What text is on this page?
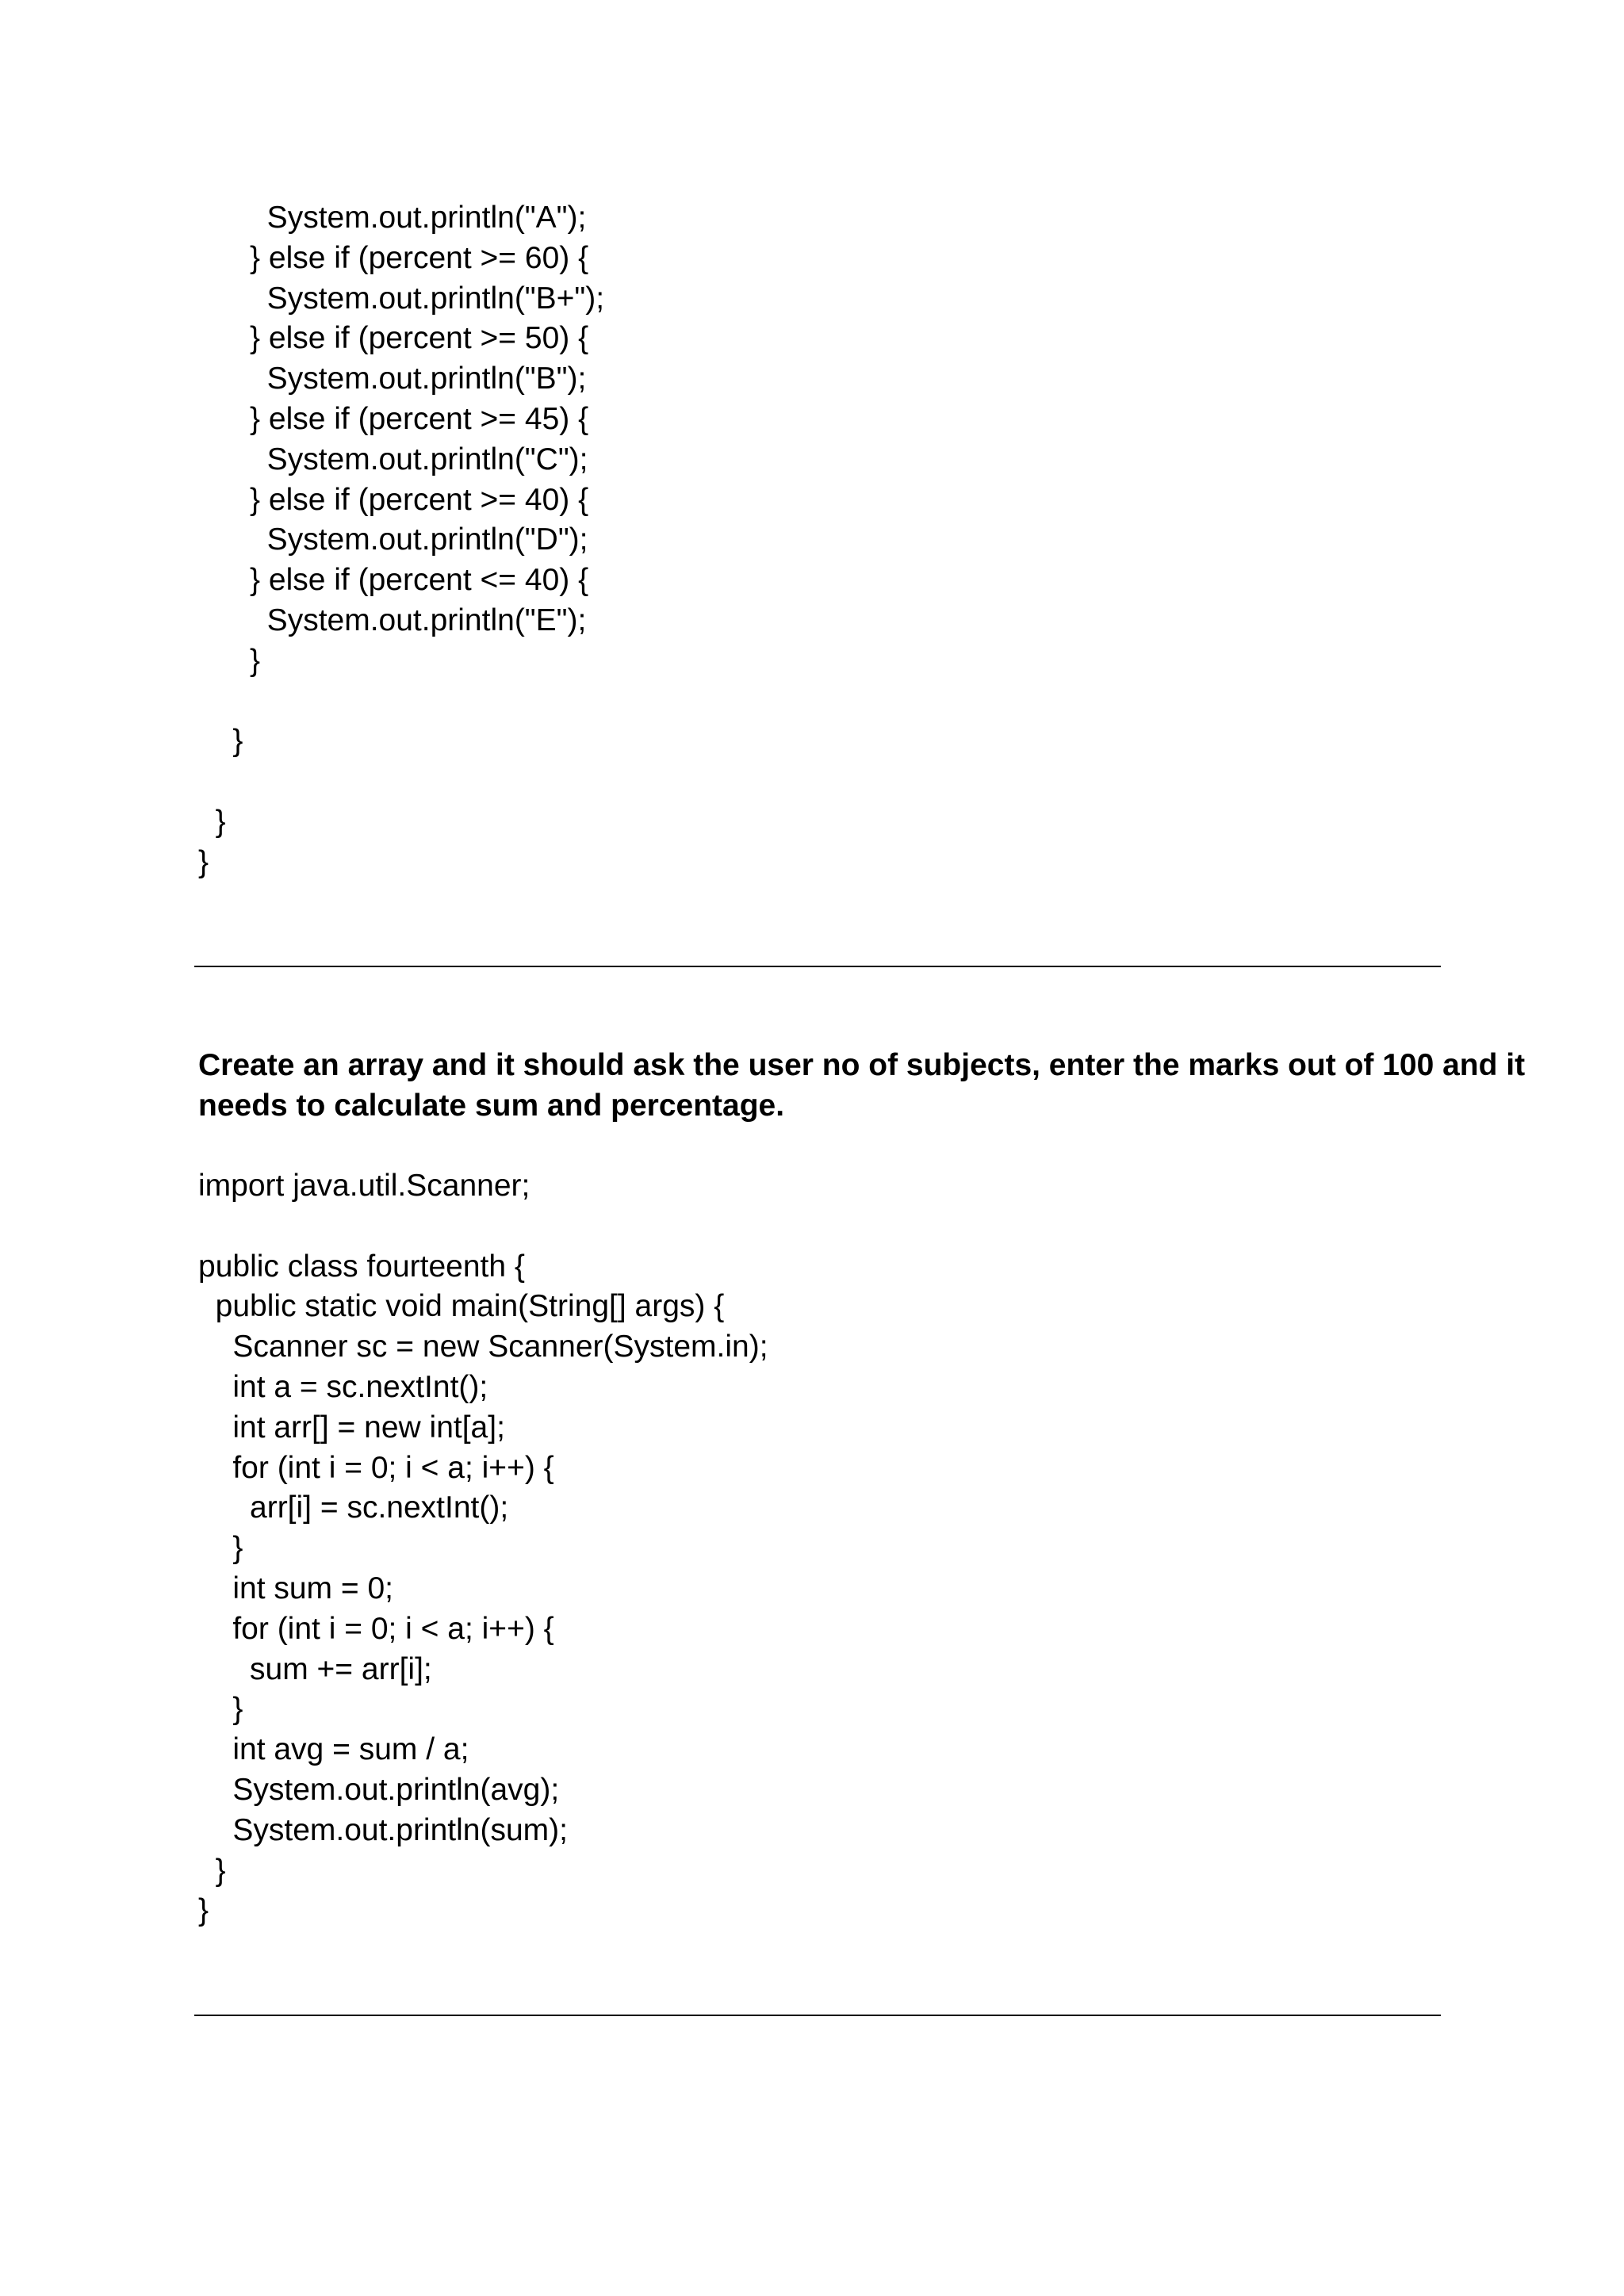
System.out.println("A");
} else if (percent >= 60) {
System.out.println("B+");
} else if (percent >= 50) {
System.out.println("B");
} else if (percent >= 45) {
System.out.println("C");
} else if (percent >= 40) {
System.out.println("D");
} else if (percent <= 40) {
System.out.println("E");
}
}
}
}
Create an array and it should ask the user no of subjects, enter the marks out of 100 and it
needs to calculate sum and percentage.
import java.util.Scanner;
public class fourteenth {
public static void main(String[] args) {
Scanner sc = new Scanner(System.in);
int a = sc.nextInt();
int arr[] = new int[a];
for (int i = 0; i < a; i++) {
arr[i] = sc.nextInt();
}
int sum = 0;
for (int i = 0; i < a; i++) {
sum += arr[i];
}
int avg = sum / a;
System.out.println(avg);
System.out.println(sum);
}
}
